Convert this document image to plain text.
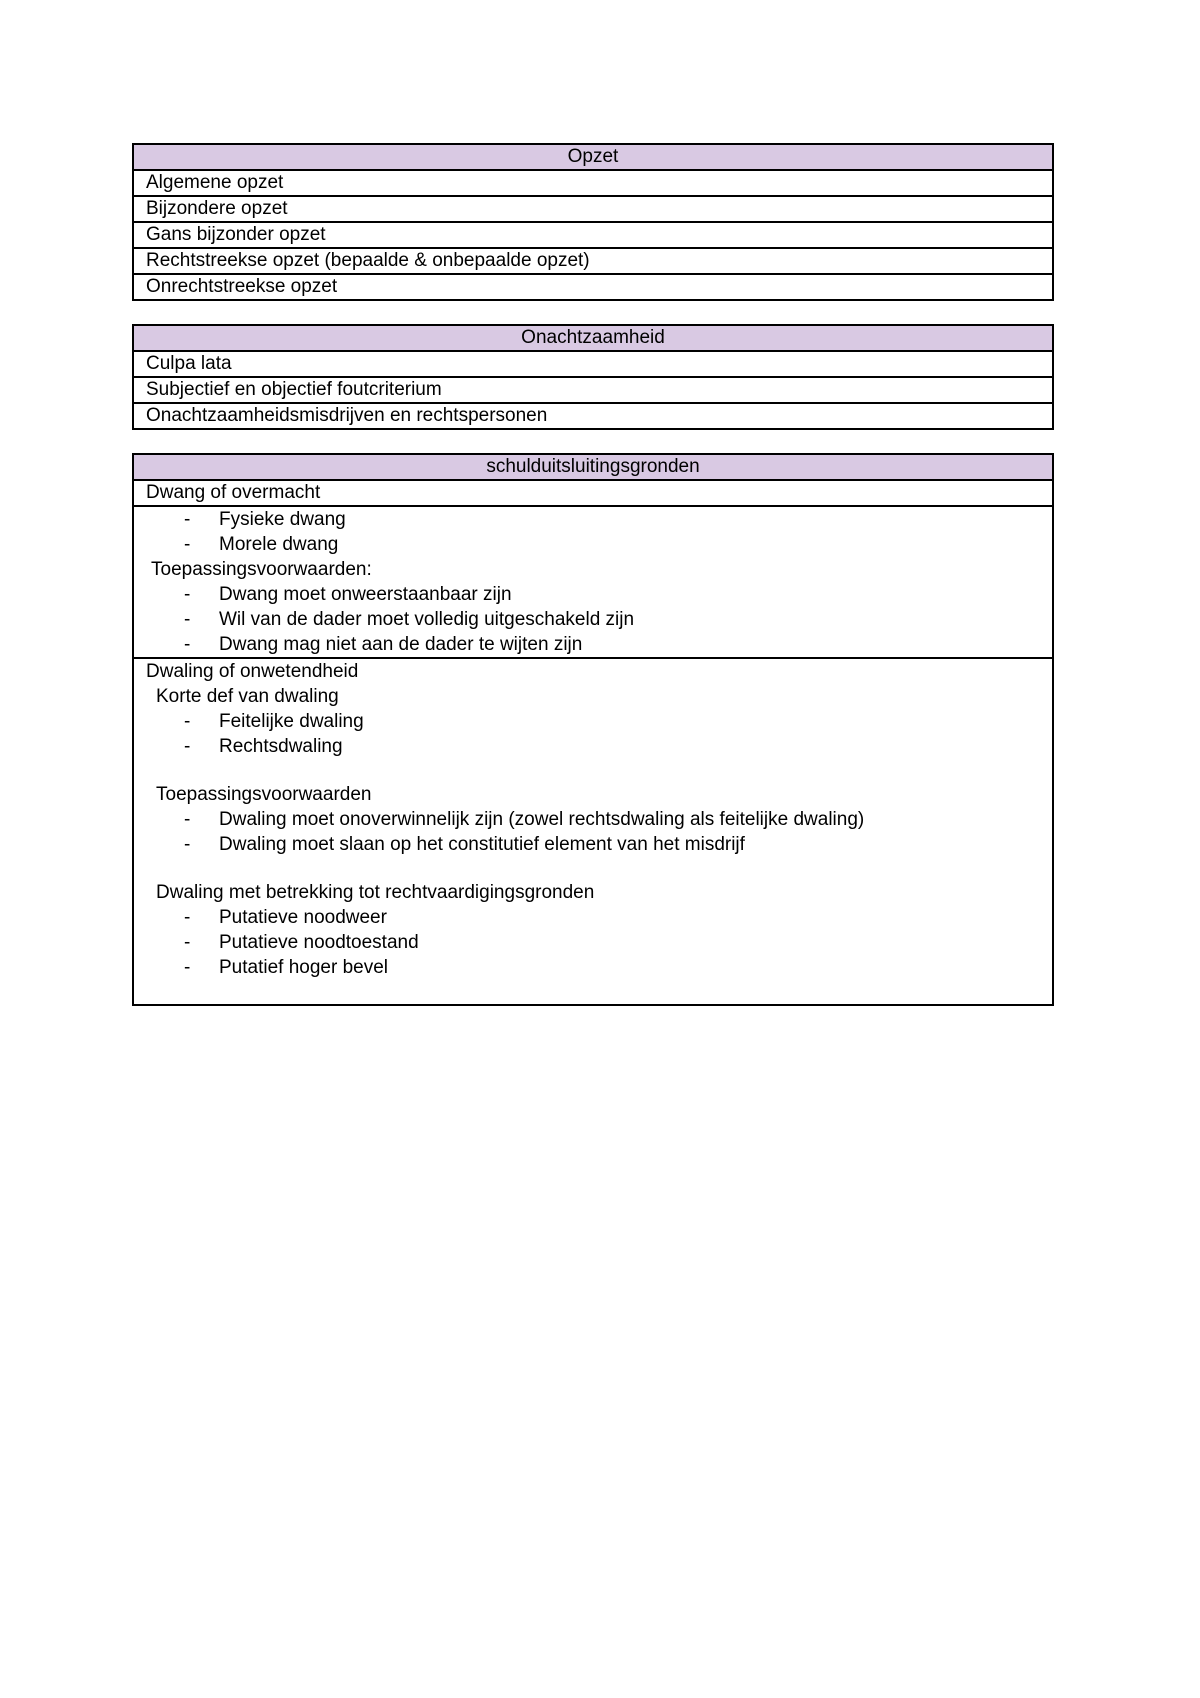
Opzet
Algemene opzet
Bijzondere opzet
Gans bijzonder opzet
Rechtstreekse opzet (bepaalde & onbepaalde opzet)
Onrechtstreekse opzet
Onachtzaamheid
Culpa lata
Subjectief en objectief foutcriterium
Onachtzaamheidsmisdrijven en rechtspersonen
schulduitsluitingsgronden
Dwang of overmacht
-	Fysieke dwang
-	Morele dwang
Toepassingsvoorwaarden:
-	Dwang moet onweerstaanbaar zijn
-	Wil van de dader moet volledig uitgeschakeld zijn
-	Dwang mag niet aan de dader te wijten zijn
Dwaling of onwetendheid
Korte def van dwaling
-	Feitelijke dwaling
-	Rechtsdwaling
Toepassingsvoorwaarden
-	Dwaling moet onoverwinnelijk zijn (zowel rechtsdwaling als feitelijke dwaling)
-	Dwaling moet slaan op het constitutief element van het misdrijf
Dwaling met betrekking tot rechtvaardigingsgronden
-	Putatieve noodweer
-	Putatieve noodtoestand
-	Putatief hoger bevel
